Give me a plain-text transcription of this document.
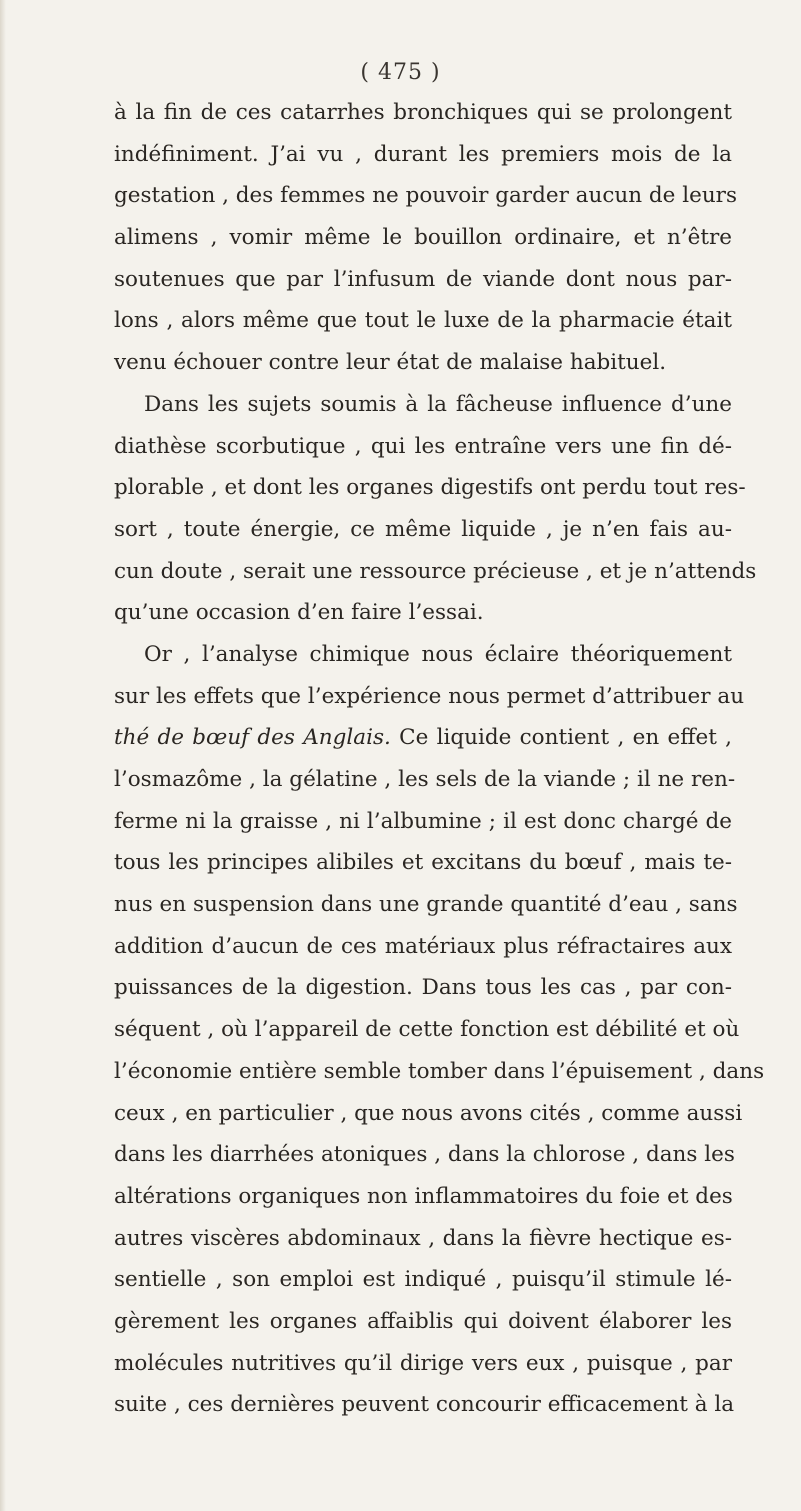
( 475 )
à la fin de ces catarrhes bronchiques qui se prolongent
indéfiniment. J’ai vu , durant les premiers mois de la
gestation , des femmes ne pouvoir garder aucun de leurs
alimens , vomir même le bouillon ordinaire, et n’être
soutenues que par l’infusum de viande dont nous par-
lons , alors même que tout le luxe de la pharmacie était
venu échouer contre leur état de malaise habituel.
Dans les sujets soumis à la fâcheuse influence d’une
diathèse scorbutique , qui les entraîne vers une fin dé-
plorable , et dont les organes digestifs ont perdu tout res-
sort , toute énergie, ce même liquide , je n’en fais au-
cun doute , serait une ressource précieuse , et je n’attends
qu’une occasion d’en faire l’essai.
Or , l’analyse chimique nous éclaire théoriquement
sur les effets que l’expérience nous permet d’attribuer au
thé de bœuf des Anglais. Ce liquide contient , en effet ,
l’osmazôme , la gélatine , les sels de la viande ; il ne ren-
ferme ni la graisse , ni l’albumine ; il est donc chargé de
tous les principes alibiles et excitans du bœuf , mais te-
nus en suspension dans une grande quantité d’eau , sans
addition d’aucun de ces matériaux plus réfractaires aux
puissances de la digestion. Dans tous les cas , par con-
séquent , où l’appareil de cette fonction est débilité et où
l’économie entière semble tomber dans l’épuisement , dans
ceux , en particulier , que nous avons cités , comme aussi
dans les diarrhées atoniques , dans la chlorose , dans les
altérations organiques non inflammatoires du foie et des
autres viscères abdominaux , dans la fièvre hectique es-
sentielle , son emploi est indiqué , puisqu’il stimule lé-
gèrement les organes affaiblis qui doivent élaborer les
molécules nutritives qu’il dirige vers eux , puisque , par
suite , ces dernières peuvent concourir efficacement à la
